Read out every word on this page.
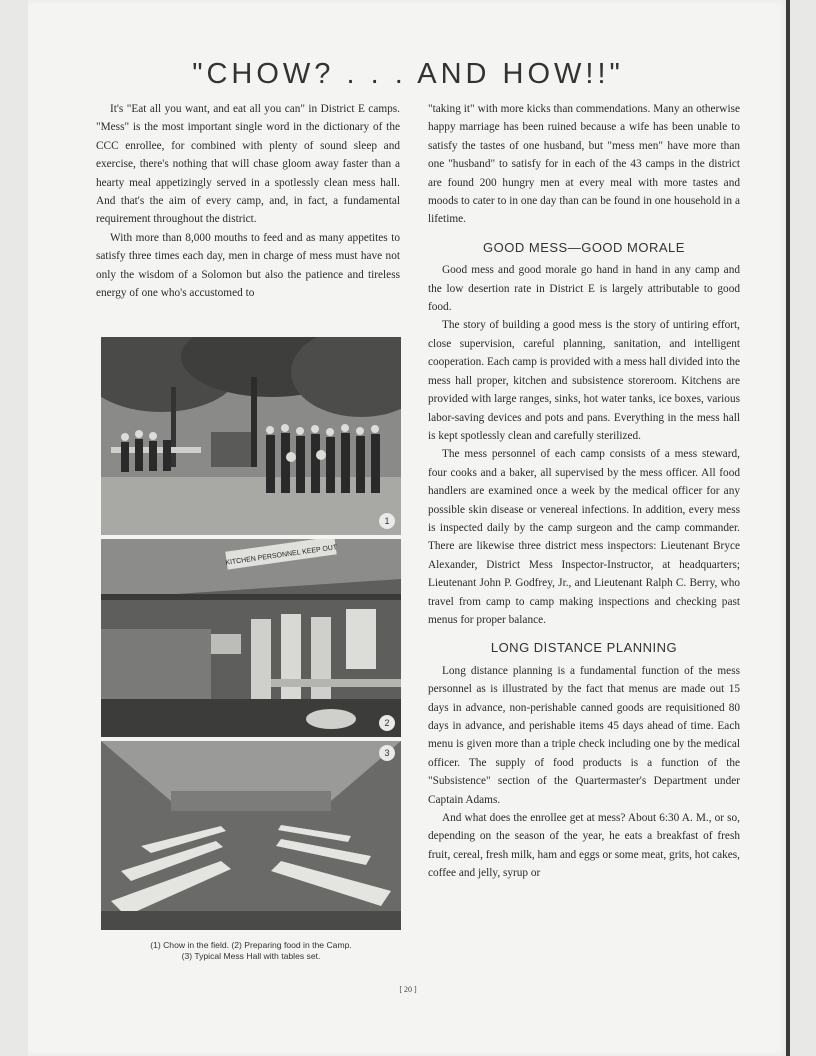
"CHOW? . . . AND HOW!!"

It's "Eat all you want, and eat all you can" in District E camps. "Mess" is the most important single word in the dictionary of the CCC enrollee, for combined with plenty of sound sleep and exercise, there's nothing that will chase gloom away faster than a hearty meal appetizingly served in a spotlessly clean mess hall. And that's the aim of every camp, and, in fact, a fundamental requirement throughout the district.

With more than 8,000 mouths to feed and as many appetites to satisfy three times each day, men in charge of mess must have not only the wisdom of a Solomon but also the patience and tireless energy of one who's accustomed to

1
KITCHEN PERSONNEL KEEP OUT
2
3
(1) Chow in the field. (2) Preparing food in the Camp.
(3) Typical Mess Hall with tables set.

"taking it" with more kicks than commendations. Many an otherwise happy marriage has been ruined because a wife has been unable to satisfy the tastes of one husband, but "mess men" have more than one "husband" to satisfy for in each of the 43 camps in the district are found 200 hungry men at every meal with more tastes and moods to cater to in one day than can be found in one household in a lifetime.

GOOD MESS—GOOD MORALE

Good mess and good morale go hand in hand in any camp and the low desertion rate in District E is largely attributable to good food.

The story of building a good mess is the story of untiring effort, close supervision, careful planning, sanitation, and intelligent cooperation. Each camp is provided with a mess hall divided into the mess hall proper, kitchen and subsistence storeroom. Kitchens are provided with large ranges, sinks, hot water tanks, ice boxes, various labor-saving devices and pots and pans. Everything in the mess hall is kept spotlessly clean and carefully sterilized.

The mess personnel of each camp consists of a mess steward, four cooks and a baker, all supervised by the mess officer. All food handlers are examined once a week by the medical officer for any possible skin disease or venereal infections. In addition, every mess is inspected daily by the camp surgeon and the camp commander. There are likewise three district mess inspectors: Lieutenant Bryce Alexander, District Mess Inspector-Instructor, at headquarters; Lieutenant John P. Godfrey, Jr., and Lieutenant Ralph C. Berry, who travel from camp to camp making inspections and checking past menus for proper balance.

LONG DISTANCE PLANNING

Long distance planning is a fundamental function of the mess personnel as is illustrated by the fact that menus are made out 15 days in advance, non-perishable canned goods are requisitioned 80 days in advance, and perishable items 45 days ahead of time. Each menu is given more than a triple check including one by the medical officer. The supply of food products is a function of the "Subsistence" section of the Quartermaster's Department under Captain Adams.

And what does the enrollee get at mess? About 6:30 A. M., or so, depending on the season of the year, he eats a breakfast of fresh fruit, cereal, fresh milk, ham and eggs or some meat, grits, hot cakes, coffee and jelly, syrup or

[ 20 ]
